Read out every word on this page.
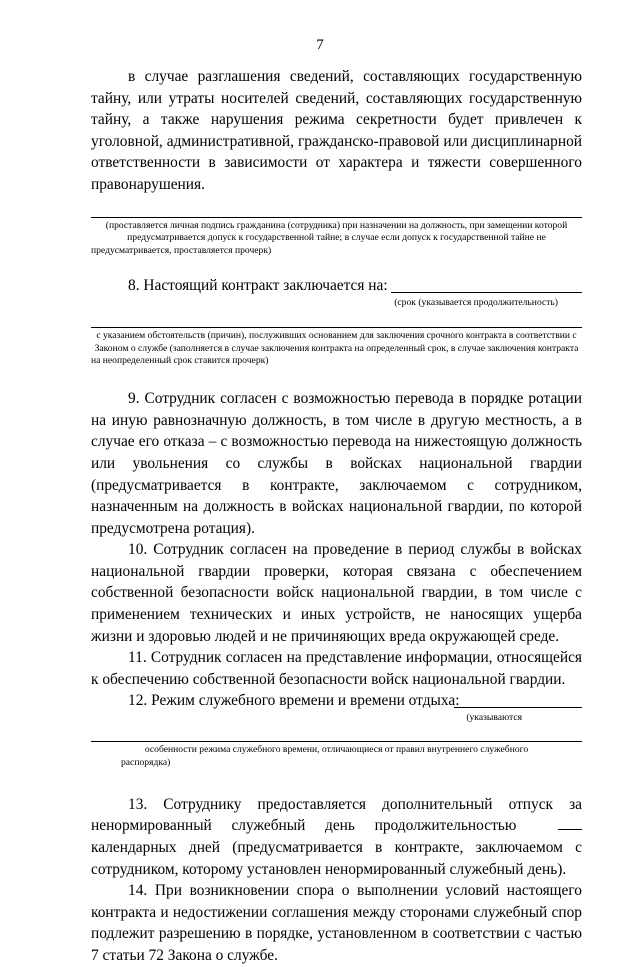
7

в случае разглашения сведений, составляющих государственную тайну, или утраты носителей сведений, составляющих государственную тайну, а также нарушения режима секретности будет привлечен к уголовной, административной, гражданско-правовой или дисциплинарной ответственности в зависимости от характера и тяжести совершенного правонарушения.

(проставляется личная подпись гражданина (сотрудника) при назначении на должность, при замещении которой предусматривается допуск к государственной тайне; в случае если допуск к государственной тайне не предусматривается, проставляется прочерк)

8. Настоящий контракт заключается на:
(срок (указывается продолжительность)

с указанием обстоятельств (причин), послуживших основанием для заключения срочного контракта в соответствии с Законом о службе (заполняется в случае заключения контракта на определенный срок, в случае заключения контракта на неопределенный срок ставится прочерк)

9. Сотрудник согласен с возможностью перевода в порядке ротации на иную равнозначную должность, в том числе в другую местность, а в случае его отказа – с возможностью перевода на нижестоящую должность или увольнения со службы в войсках национальной гвардии (предусматривается в контракте, заключаемом с сотрудником, назначенным на должность в войсках национальной гвардии, по которой предусмотрена ротация).

10. Сотрудник согласен на проведение в период службы в войсках национальной гвардии проверки, которая связана с обеспечением собственной безопасности войск национальной гвардии, в том числе с применением технических и иных устройств, не наносящих ущерба жизни и здоровью людей и не причиняющих вреда окружающей среде.

11. Сотрудник согласен на представление информации, относящейся к обеспечению собственной безопасности войск национальной гвардии.

12. Режим служебного времени и времени отдыха:
(указываются

особенности режима служебного времени, отличающиеся от правил внутреннего служебного распорядка)

13. Сотруднику предоставляется дополнительный отпуск за ненормированный служебный день продолжительностью

календарных дней (предусматривается в контракте, заключаемом с сотрудником, которому установлен ненормированный служебный день).

14. При возникновении спора о выполнении условий настоящего контракта и недостижении соглашения между сторонами служебный спор подлежит разрешению в порядке, установленном в соответствии с частью 7 статьи 72 Закона о службе.
